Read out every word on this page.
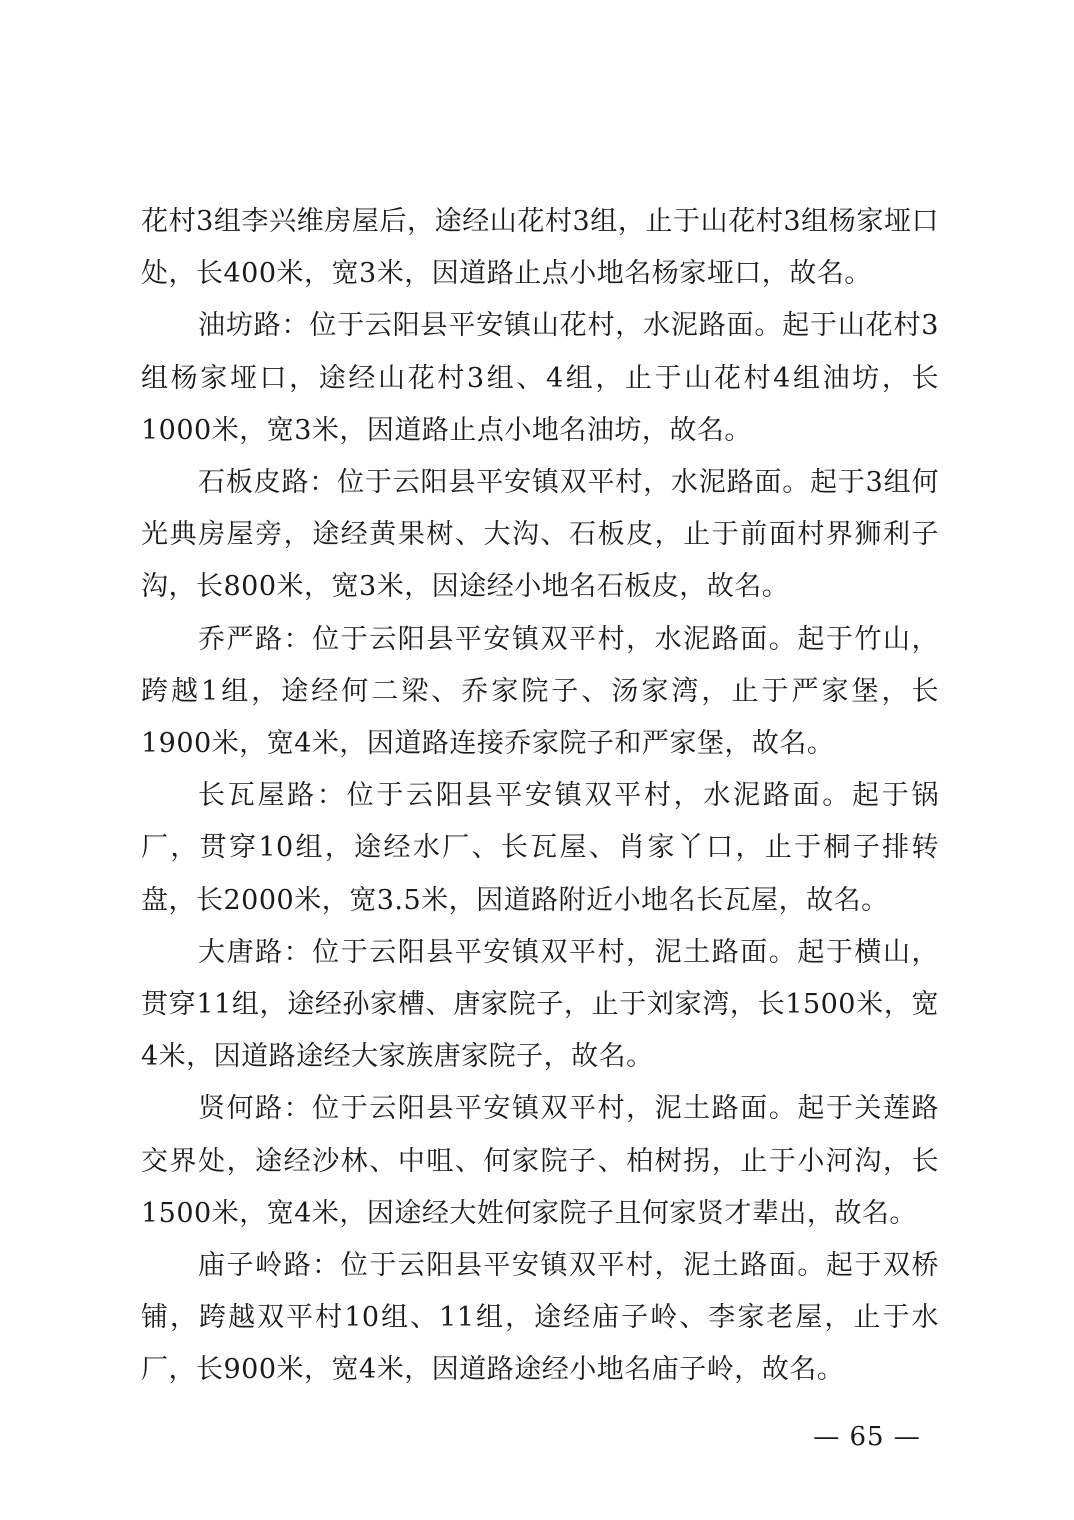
花村3组李兴维房屋后，途经山花村3组，止于山花村3组杨家垭口处，长400米，宽3米，因道路止点小地名杨家垭口，故名。

油坊路：位于云阳县平安镇山花村，水泥路面。起于山花村3组杨家垭口，途经山花村3组、4组，止于山花村4组油坊，长1000米，宽3米，因道路止点小地名油坊，故名。

石板皮路：位于云阳县平安镇双平村，水泥路面。起于3组何光典房屋旁，途经黄果树、大沟、石板皮，止于前面村界狮利子沟，长800米，宽3米，因途经小地名石板皮，故名。

乔严路：位于云阳县平安镇双平村，水泥路面。起于竹山，跨越1组，途经何二梁、乔家院子、汤家湾，止于严家堡，长1900米，宽4米，因道路连接乔家院子和严家堡，故名。

长瓦屋路：位于云阳县平安镇双平村，水泥路面。起于锅厂，贯穿10组，途经水厂、长瓦屋、肖家丫口，止于桐子排转盘，长2000米，宽3.5米，因道路附近小地名长瓦屋，故名。

大唐路：位于云阳县平安镇双平村，泥土路面。起于横山，贯穿11组，途经孙家槽、唐家院子，止于刘家湾，长1500米，宽4米，因道路途经大家族唐家院子，故名。

贤何路：位于云阳县平安镇双平村，泥土路面。起于关莲路交界处，途经沙林、中咀、何家院子、柏树拐，止于小河沟，长1500米，宽4米，因途经大姓何家院子且何家贤才辈出，故名。

庙子岭路：位于云阳县平安镇双平村，泥土路面。起于双桥铺，跨越双平村10组、11组，途经庙子岭、李家老屋，止于水厂，长900米，宽4米，因道路途经小地名庙子岭，故名。

— 65 —
